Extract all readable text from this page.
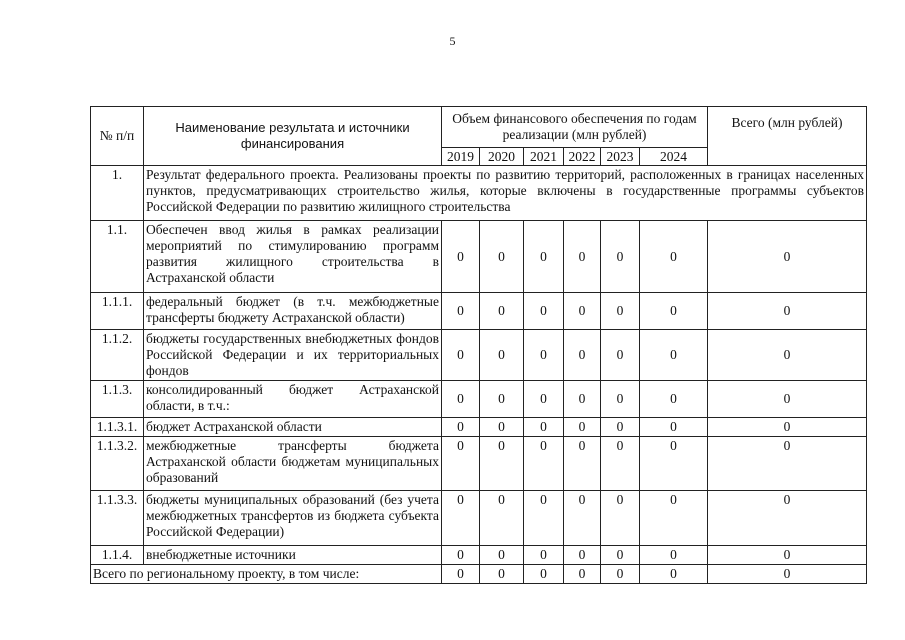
5
№ п/п	Наименование результата и источники финансирования	Объем финансового обеспечения по годам реализации (млн рублей)						Всего (млн рублей)
		2019	2020	2021	2022	2023	2024	
1.	Результат федерального проекта. Реализованы проекты по развитию территорий, расположенных в границах населенных пунктов, предусматривающих строительство жилья, которые включены в государственные программы субъектов Российской Федерации по развитию жилищного строительства							
1.1.	Обеспечен ввод жилья в рамках реализации мероприятий по стимулированию программ развития жилищного строительства в Астраханской области	0	0	0	0	0	0	0
1.1.1.	федеральный бюджет (в т.ч. межбюджетные трансферты бюджету Астраханской области)	0	0	0	0	0	0	0
1.1.2.	бюджеты государственных внебюджетных фондов Российской Федерации и их территориальных фондов	0	0	0	0	0	0	0
1.1.3.	консолидированный бюджет Астраханской области, в т.ч.:	0	0	0	0	0	0	0
1.1.3.1.	бюджет Астраханской области	0	0	0	0	0	0	0
1.1.3.2.	межбюджетные трансферты бюджета Астраханской области бюджетам муниципальных образований	0	0	0	0	0	0	0
1.1.3.3.	бюджеты муниципальных образований (без учета межбюджетных трансфертов из бюджета субъекта Российской Федерации)	0	0	0	0	0	0	0
1.1.4.	внебюджетные источники	0	0	0	0	0	0	0
Всего по региональному проекту, в том числе:		0	0	0	0	0	0	0
